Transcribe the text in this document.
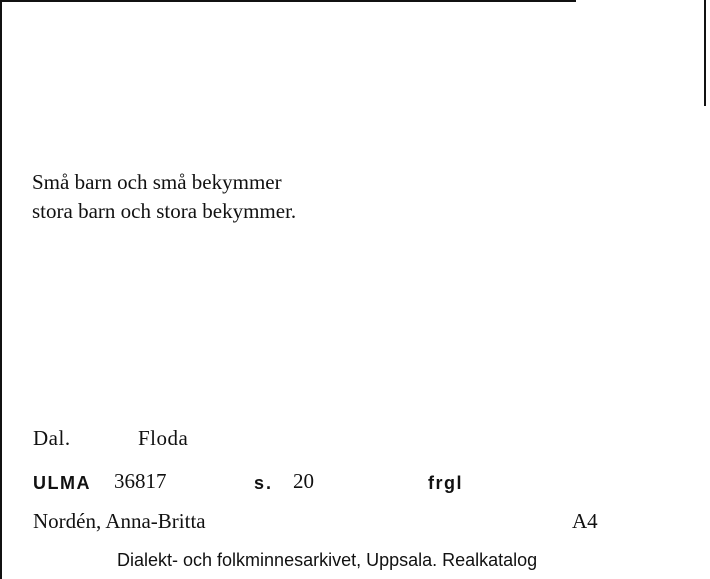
Små barn och små bekymmer
stora barn och stora bekymmer.
Dal.	Floda
ULMA 36817	s. 20	frgl
Nordén, Anna-Britta	A4
Dialekt- och folkminnesarkivet, Uppsala. Realkatalog
